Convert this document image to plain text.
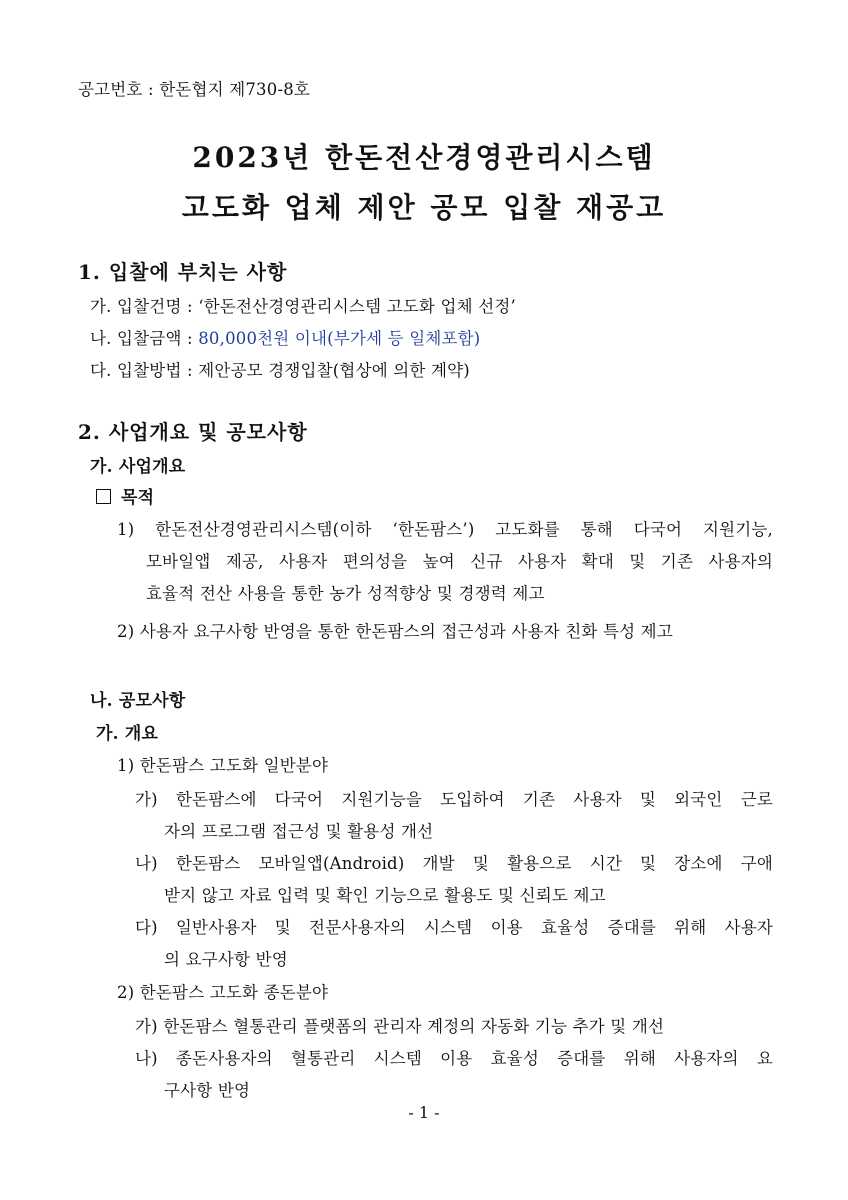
공고번호 : 한돈협지 제730-8호
2023년 한돈전산경영관리시스템
고도화 업체 제안 공모 입찰 재공고
1. 입찰에 부치는 사항
가. 입찰건명 : ‘한돈전산경영관리시스템 고도화 업체 선정’
나. 입찰금액 : 80,000천원 이내(부가세 등 일체포함)
다. 입찰방법 : 제안공모 경쟁입찰(협상에 의한 계약)
2. 사업개요 및 공모사항
가. 사업개요
목적
1) 한돈전산경영관리시스템(이하 ‘한돈팜스’) 고도화를 통해 다국어 지원기능,
모바일앱 제공, 사용자 편의성을 높여 신규 사용자 확대 및 기존 사용자의
효율적 전산 사용을 통한 농가 성적향상 및 경쟁력 제고
2) 사용자 요구사항 반영을 통한 한돈팜스의 접근성과 사용자 친화 특성 제고
나. 공모사항
가. 개요
1) 한돈팜스 고도화 일반분야
가) 한돈팜스에 다국어 지원기능을 도입하여 기존 사용자 및 외국인 근로
자의 프로그램 접근성 및 활용성 개선
나) 한돈팜스 모바일앱(Android) 개발 및 활용으로 시간 및 장소에 구애
받지 않고 자료 입력 및 확인 기능으로 활용도 및 신뢰도 제고
다) 일반사용자 및 전문사용자의 시스템 이용 효율성 증대를 위해 사용자
의 요구사항 반영
2) 한돈팜스 고도화 종돈분야
가) 한돈팜스 혈통관리 플랫폼의 관리자 계정의 자동화 기능 추가 및 개선
나) 종돈사용자의 혈통관리 시스템 이용 효율성 증대를 위해 사용자의 요
구사항 반영
- 1 -
